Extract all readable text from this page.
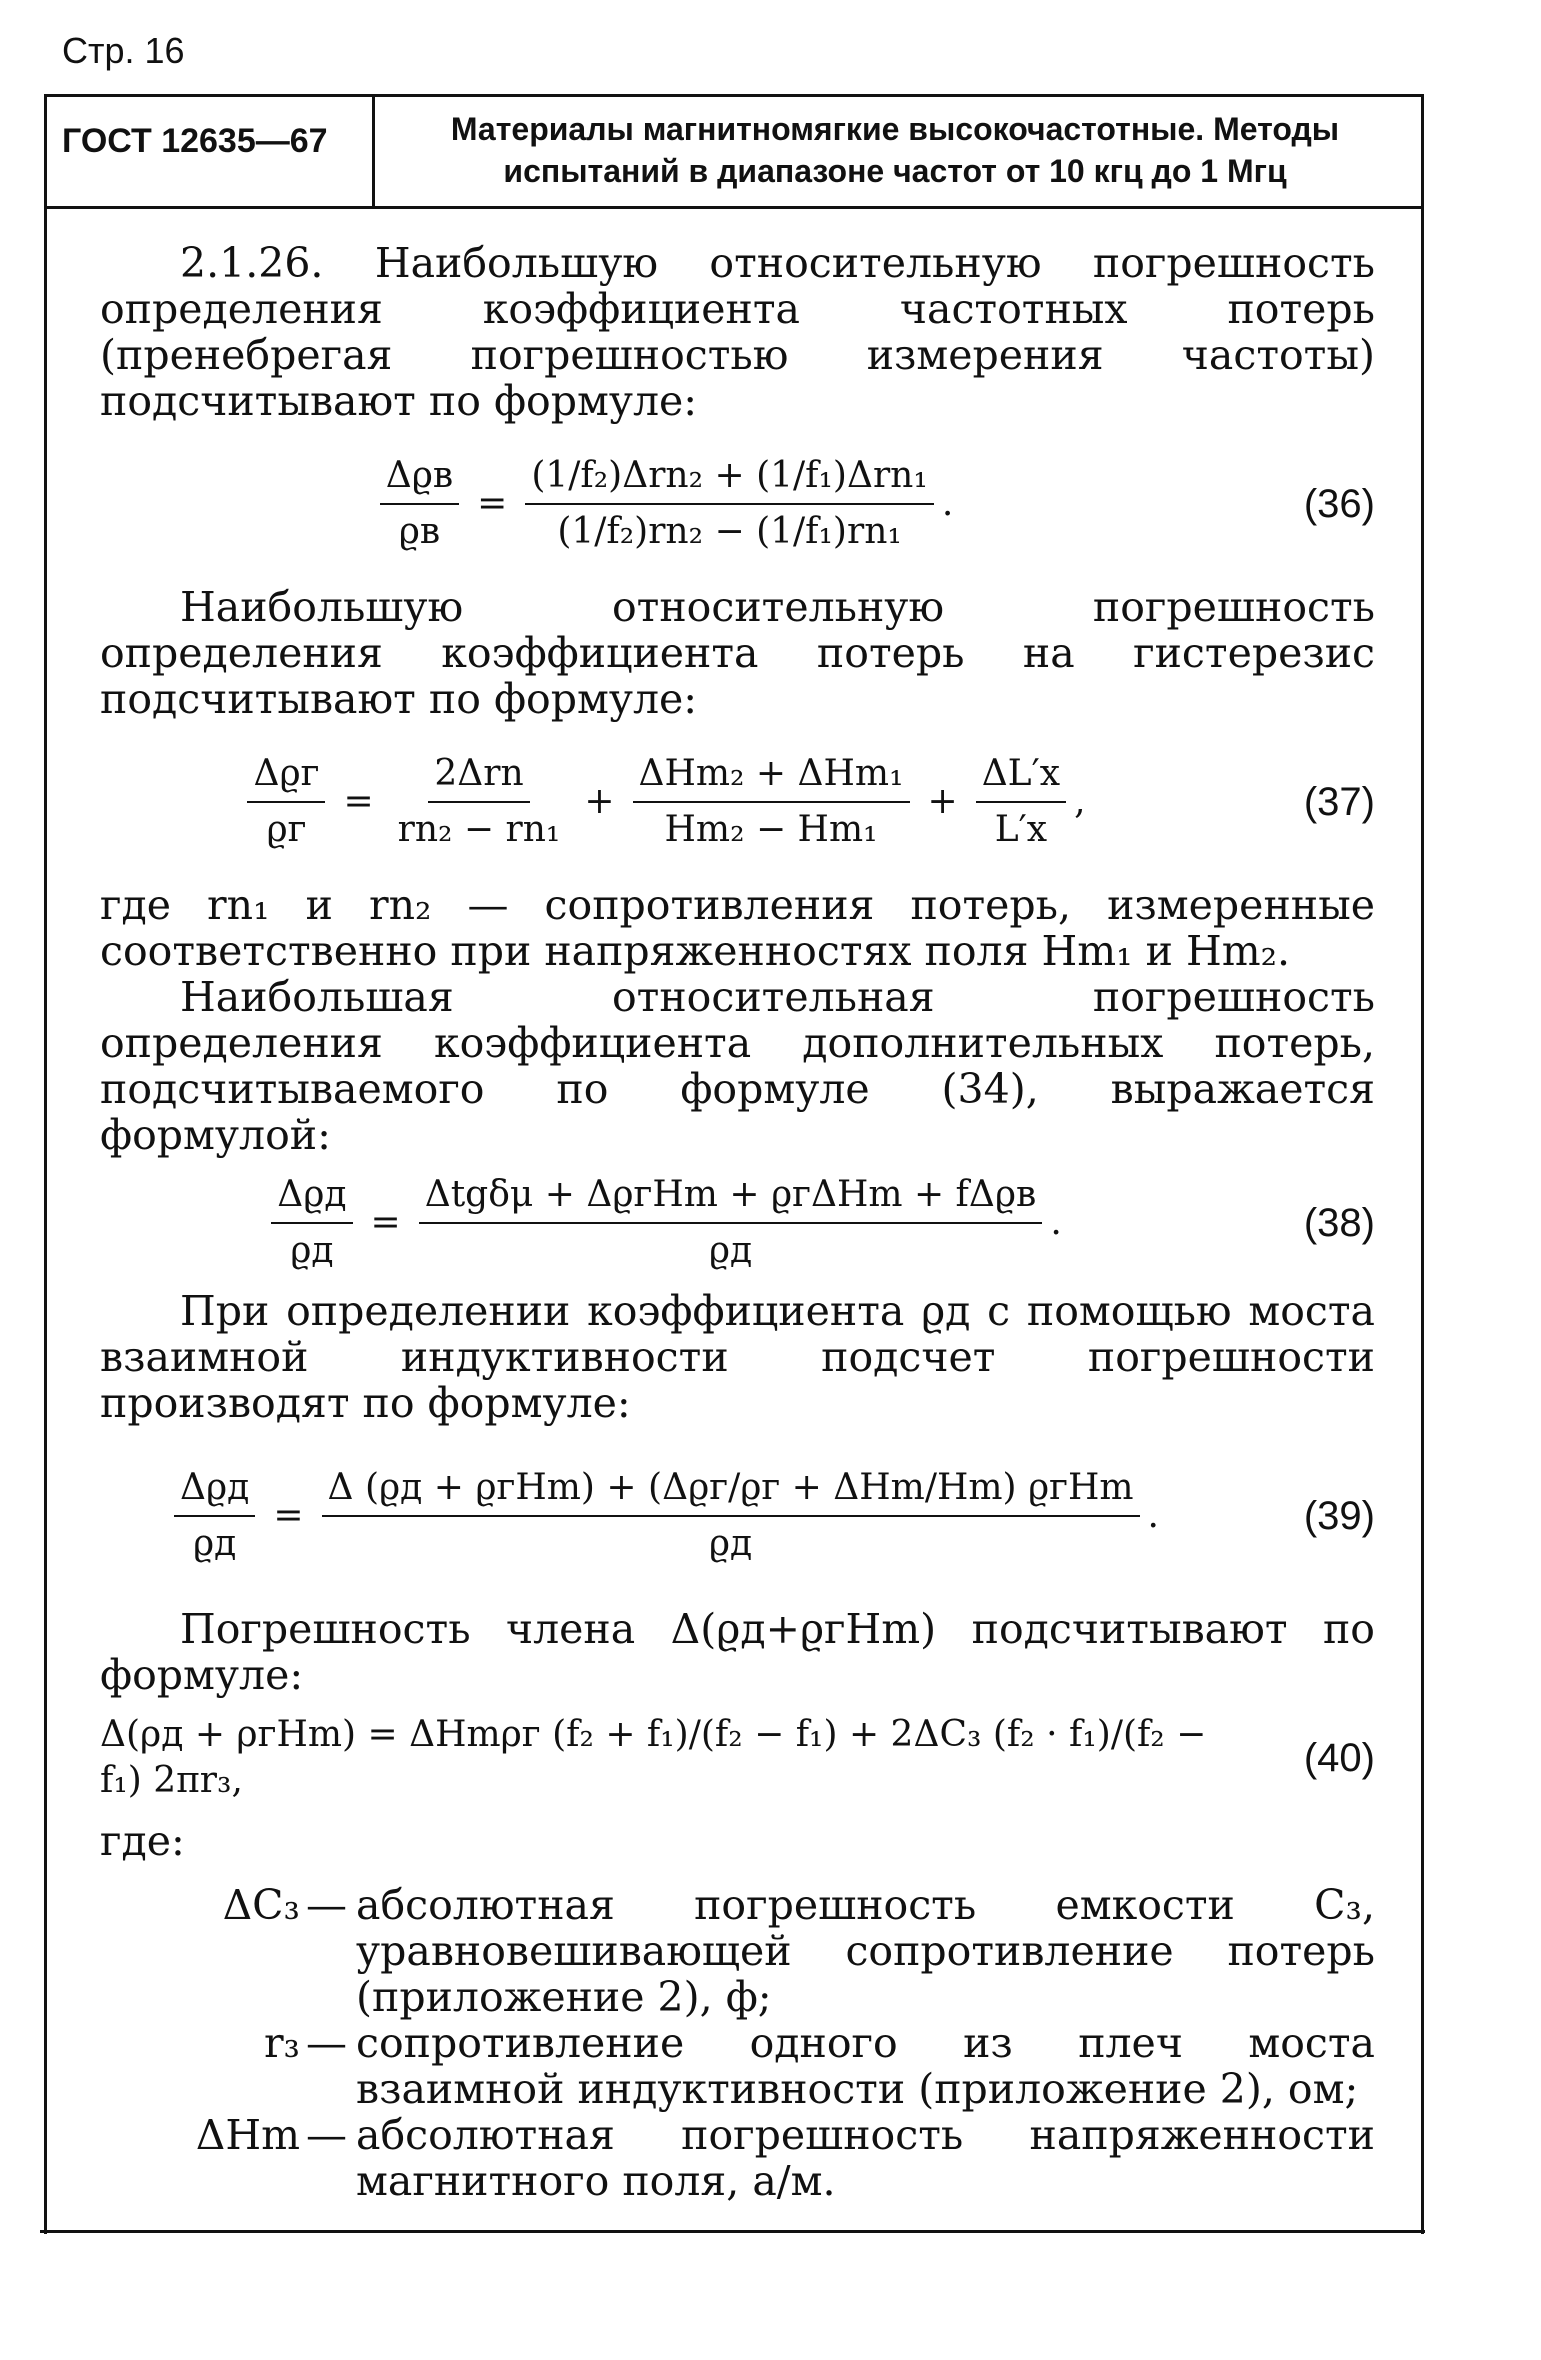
Стр. 16
ГОСТ 12635—67	Материалы магнитномягкие высокочастотные. Методы испытаний в диапазоне частот от 10 кгц до 1 Мгц

2.1.26. Наибольшую относительную погрешность определения коэффициента частотных потерь (пренебрегая погрешностью измерения частоты) подсчитывают по формуле:

$\frac{\text{Δϱв}}{ϱв} = \frac{\text{(1/f₂)Δrn₂ + (1/f₁)Δrn₁}}{\text{(1/f₂)rn₂ − (1/f₁)rn₁}}$ .	(36)

Наибольшую относительную погрешность определения коэффициента потерь на гистерезис подсчитывают по формуле:

$\frac{\text{Δϱг}}{ϱг} = \frac{\text{2Δrn}}{\text{rn₂ − rn₁}} + \frac{\text{ΔHm₂ + ΔHm₁}}{\text{Hm₂ − Hm₁}} + \frac{\Delta L'x}{L'x}$ ,	(37)

где rn₁ и rn₂ — сопротивления потерь, измеренные соответственно при напряженностях поля Hm₁ и Hm₂.

Наибольшая относительная погрешность определения коэффициента дополнительных потерь, подсчитываемого по формуле (34), выражается формулой:

$\frac{\text{Δϱд}}{ϱд} = \frac{\text{Δtgδμ + ΔϱгHm + ϱгΔHm + fΔϱв}}{ϱд}$ .	(38)

При определении коэффициента ϱд с помощью моста взаимной индуктивности подсчет погрешности производят по формуле:

$\frac{\text{Δϱд}}{ϱд} = \frac{\text{Δ (ϱд + ϱгHm) + (Δϱг/ϱг + ΔHm/Hm) ϱгHm}}{ϱд}$ .	(39)

Погрешность члена Δ(ϱд+ϱгHm) подсчитывают по формуле:

Δ(ρд + ρгHm) = ΔHmρг (f₂ + f₁)/(f₂ − f₁) + 2ΔC₃ (f₂ · f₁)/(f₂ − f₁) 2πr₃,
(40)

где:

ΔC₃ — абсолютная погрешность емкости C₃, уравновешивающей сопротивление потерь (приложение 2), ф;
r₃ — сопротивление одного из плеч моста взаимной индуктивности (приложение 2), ом;
ΔHm — абсолютная погрешность напряженности магнитного поля, а/м.
